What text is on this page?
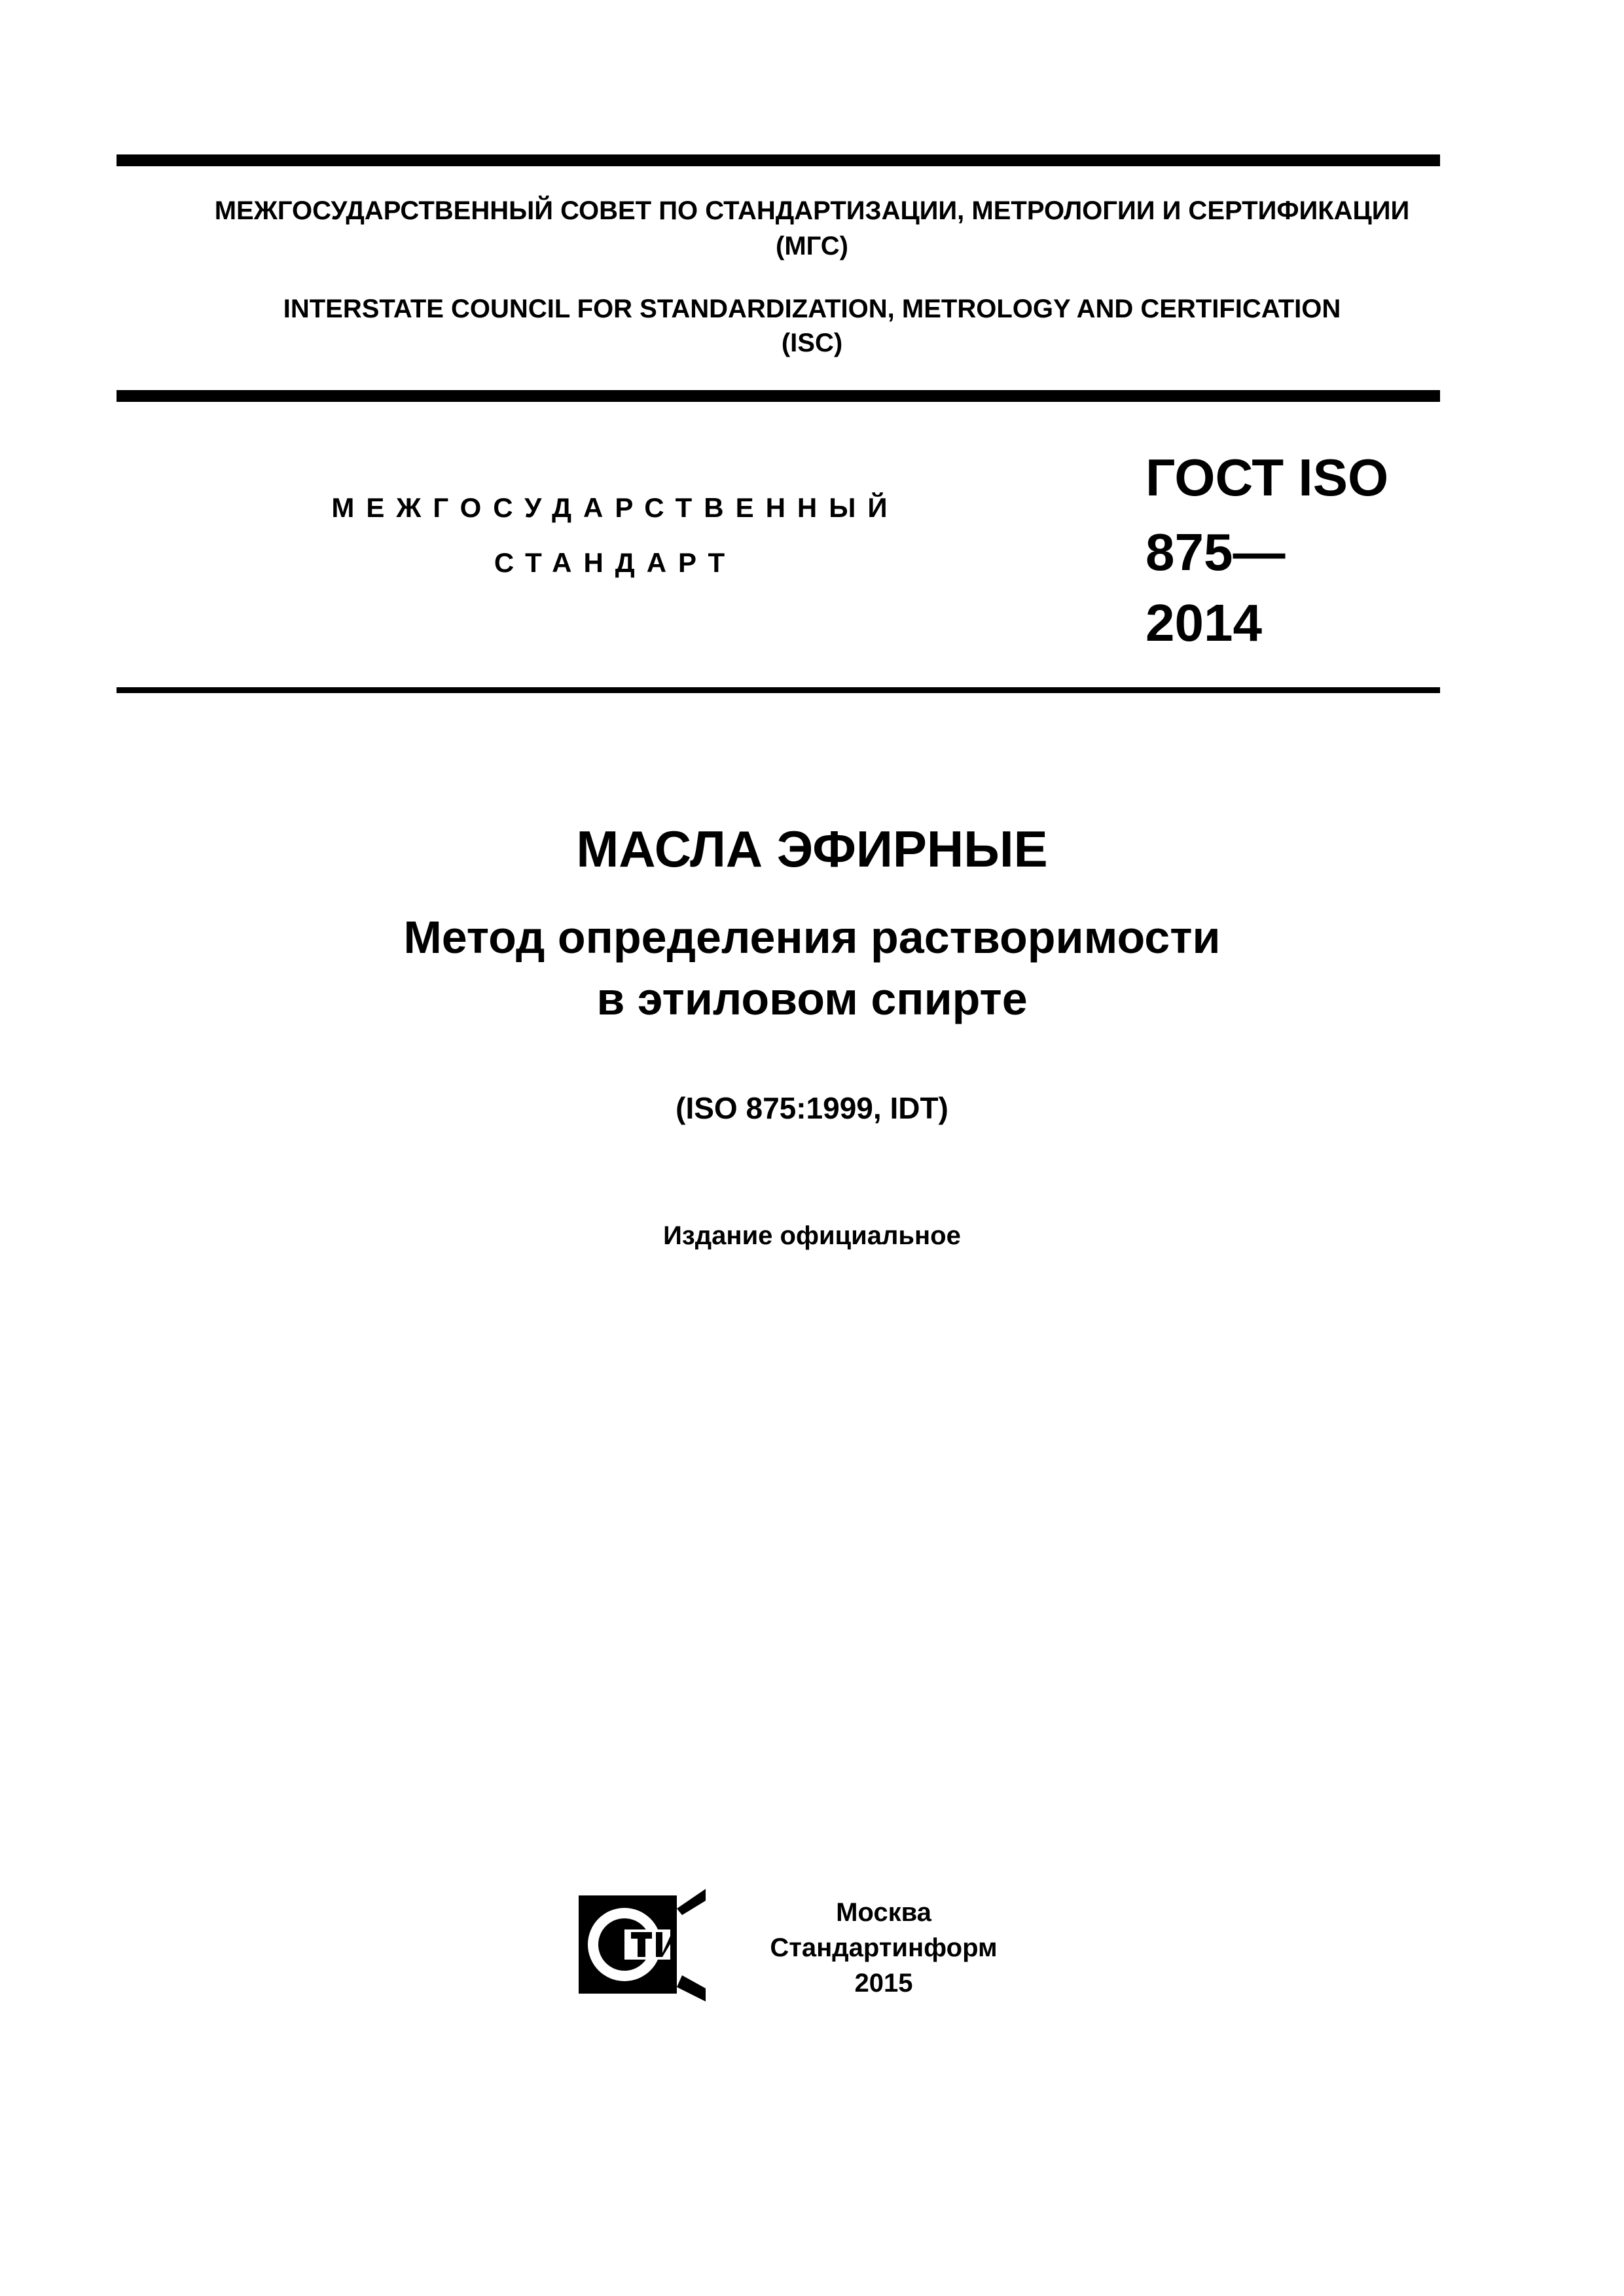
МЕЖГОСУДАРСТВЕННЫЙ СОВЕТ ПО СТАНДАРТИЗАЦИИ, МЕТРОЛОГИИ И СЕРТИФИКАЦИИ
(МГС)
INTERSTATE COUNCIL FOR STANDARDIZATION, METROLOGY AND CERTIFICATION
(ISC)
МЕЖГОСУДАРСТВЕННЫЙ
СТАНДАРТ
ГОСТ ISO
875—
2014
МАСЛА ЭФИРНЫЕ
Метод определения растворимости
в этиловом спирте
(ISO 875:1999, IDT)
Издание официальное
Москва
Стандартинформ
2015
